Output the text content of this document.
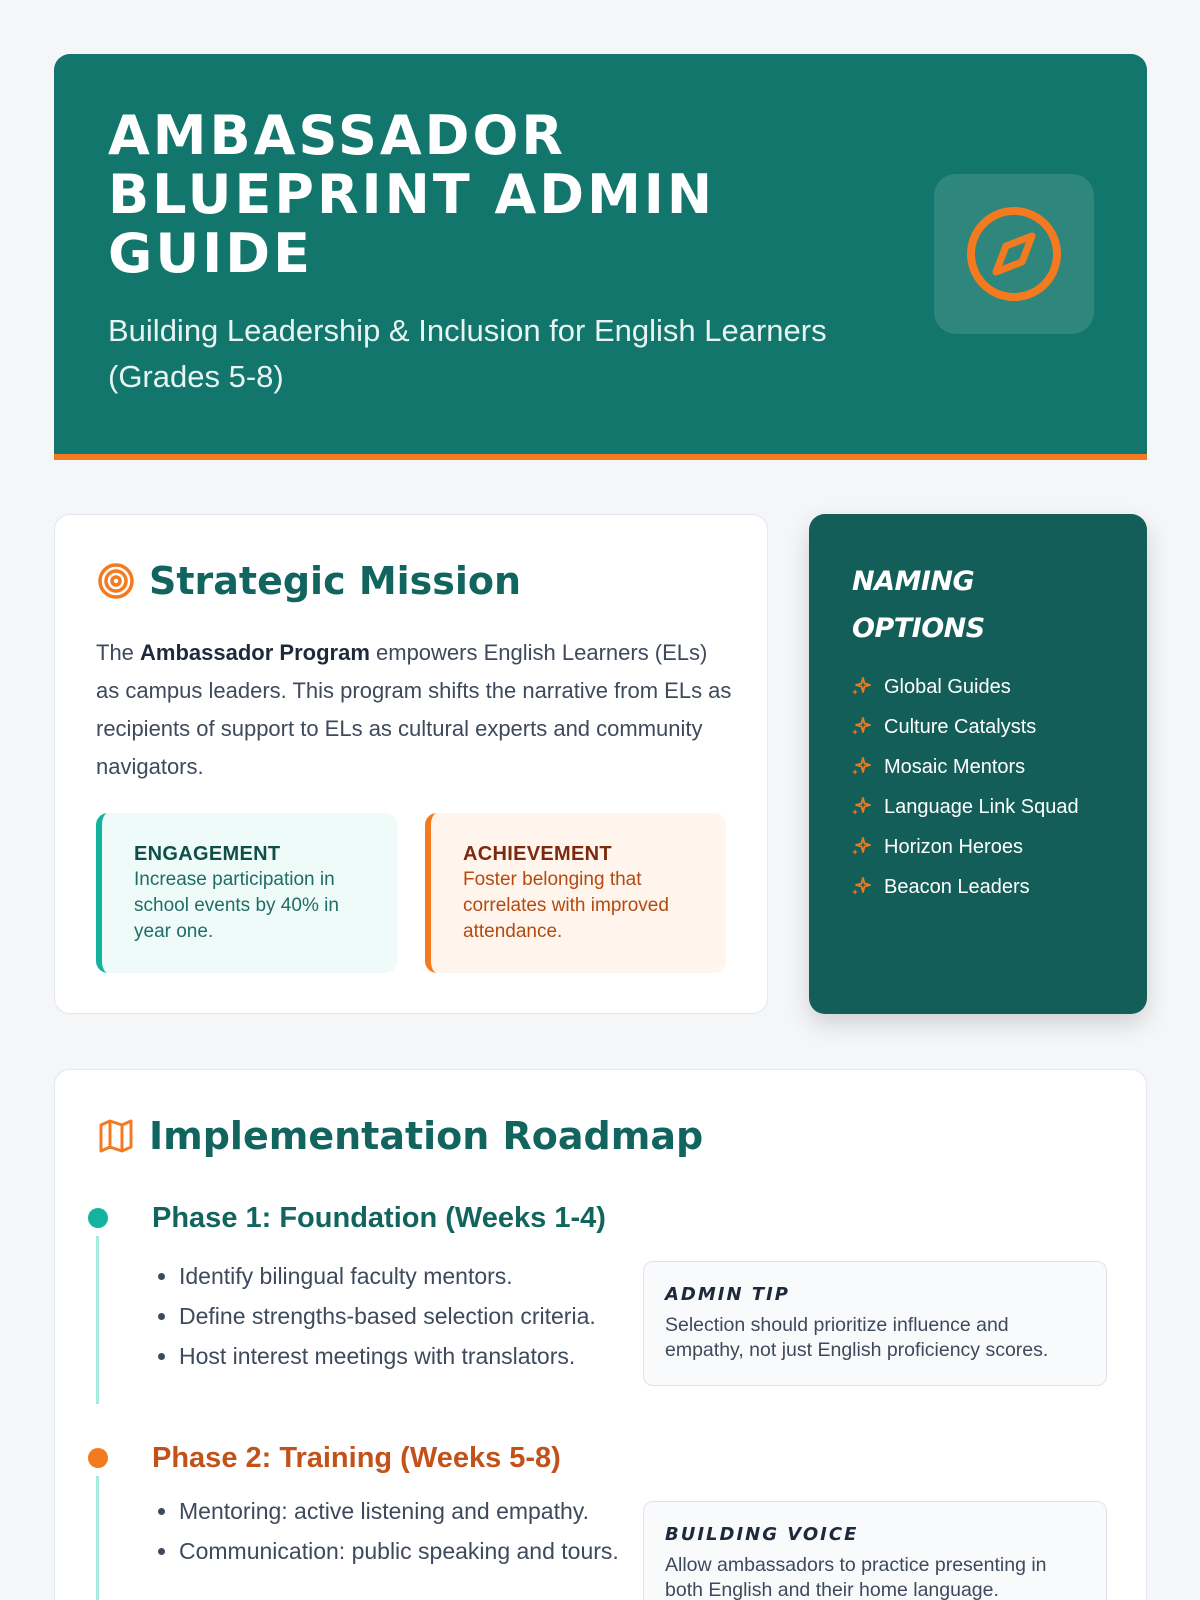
AMBASSADOR BLUEPRINT ADMIN GUIDE

Building Leadership & Inclusion for English Learners (Grades 5-8)

Strategic Mission

The Ambassador Program empowers English Learners (ELs) as campus leaders. This program shifts the narrative from ELs as recipients of support to ELs as cultural experts and community navigators.

ENGAGEMENT
Increase participation in school events by 40% in year one.
ACHIEVEMENT
Foster belonging that correlates with improved attendance.
NAMING OPTIONS
Global Guides
Culture Catalysts
Mosaic Mentors
Language Link Squad
Horizon Heroes
Beacon Leaders
Implementation Roadmap
Phase 1: Foundation (Weeks 1-4)
• Identify bilingual faculty mentors.
• Define strengths-based selection criteria.
• Host interest meetings with translators.
ADMIN TIP
Selection should prioritize influence and empathy, not just English proficiency scores.
Phase 2: Training (Weeks 5-8)
• Mentoring: active listening and empathy.
• Communication: public speaking and tours.
BUILDING VOICE
Allow ambassadors to practice presenting in both English and their home language.
